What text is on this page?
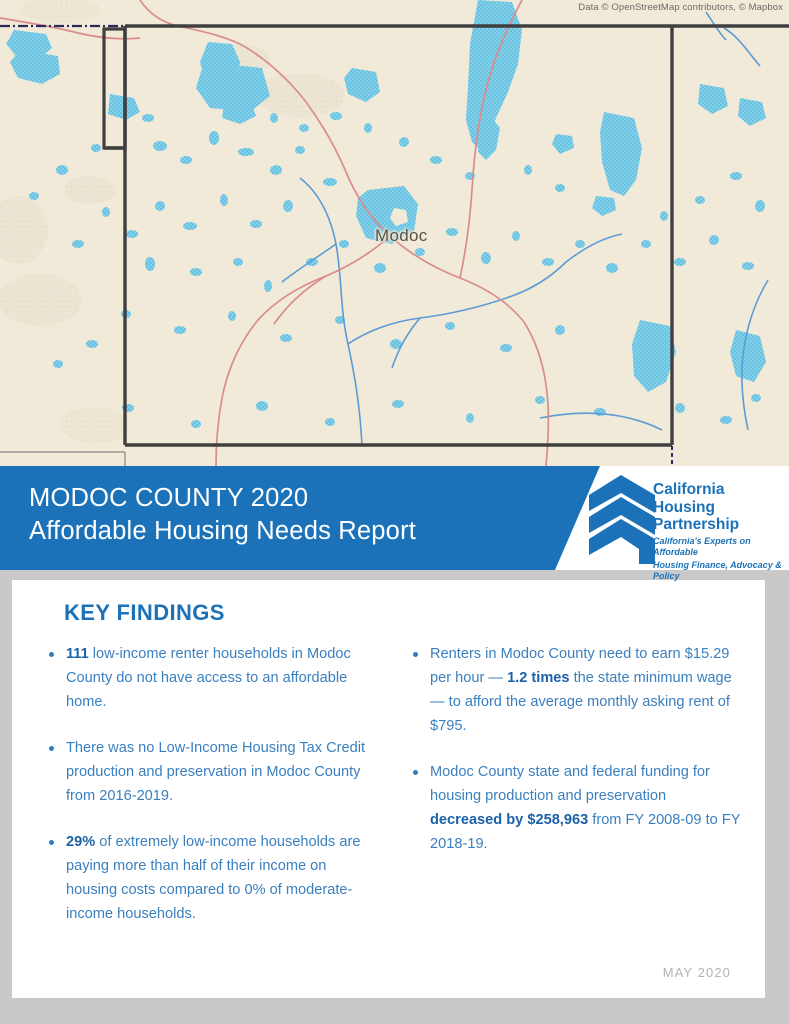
Modoc
Data © OpenStreetMap contributors, © Mapbox
MODOC COUNTY 2020
Affordable Housing Needs Report
California
Housing
Partnership
California's Experts on Affordable
Housing Finance, Advocacy & Policy
KEY FINDINGS
111 low-income renter households in Modoc County do not have access to an affordable home.
There was no Low-Income Housing Tax Credit production and preservation in Modoc County from 2016-2019.
29% of extremely low-income households are paying more than half of their income on housing costs compared to 0% of moderate-income households.
Renters in Modoc County need to earn $15.29 per hour — 1.2 times the state minimum wage — to afford the average monthly asking rent of $795.
Modoc County state and federal funding for housing production and preservation decreased by $258,963 from FY 2008-09 to FY 2018-19.
MAY 2020
